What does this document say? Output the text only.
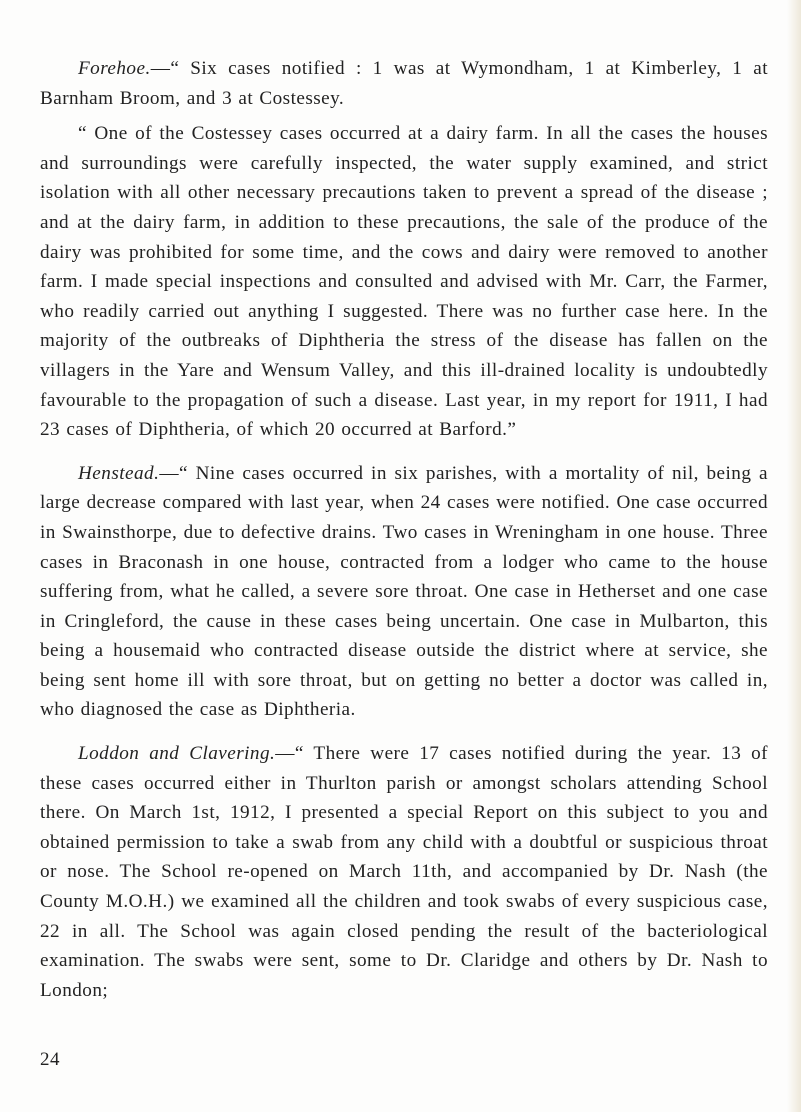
Forehoe.—“ Six cases notified : 1 was at Wymondham, 1 at Kimberley, 1 at Barnham Broom, and 3 at Costessey.

“ One of the Costessey cases occurred at a dairy farm. In all the cases the houses and surroundings were carefully inspected, the water supply examined, and strict isolation with all other necessary precautions taken to prevent a spread of the disease ; and at the dairy farm, in addition to these precautions, the sale of the produce of the dairy was prohibited for some time, and the cows and dairy were removed to another farm. I made special inspections and consulted and advised with Mr. Carr, the Farmer, who readily carried out anything I suggested. There was no further case here. In the majority of the outbreaks of Diphtheria the stress of the disease has fallen on the villagers in the Yare and Wensum Valley, and this ill-drained locality is undoubtedly favourable to the propagation of such a disease. Last year, in my report for 1911, I had 23 cases of Diphtheria, of which 20 occurred at Barford.”

Henstead.—“ Nine cases occurred in six parishes, with a mortality of nil, being a large decrease compared with last year, when 24 cases were notified. One case occurred in Swainsthorpe, due to defective drains. Two cases in Wreningham in one house. Three cases in Braconash in one house, contracted from a lodger who came to the house suffering from, what he called, a severe sore throat. One case in Hetherset and one case in Cringleford, the cause in these cases being uncertain. One case in Mulbarton, this being a housemaid who contracted disease outside the district where at service, she being sent home ill with sore throat, but on getting no better a doctor was called in, who diagnosed the case as Diphtheria.

Loddon and Clavering.—“ There were 17 cases notified during the year. 13 of these cases occurred either in Thurlton parish or amongst scholars attending School there. On March 1st, 1912, I presented a special Report on this subject to you and obtained permission to take a swab from any child with a doubtful or suspicious throat or nose. The School re-opened on March 11th, and accompanied by Dr. Nash (the County M.O.H.) we examined all the children and took swabs of every suspicious case, 22 in all. The School was again closed pending the result of the bacteriological examination. The swabs were sent, some to Dr. Claridge and others by Dr. Nash to London;

24
